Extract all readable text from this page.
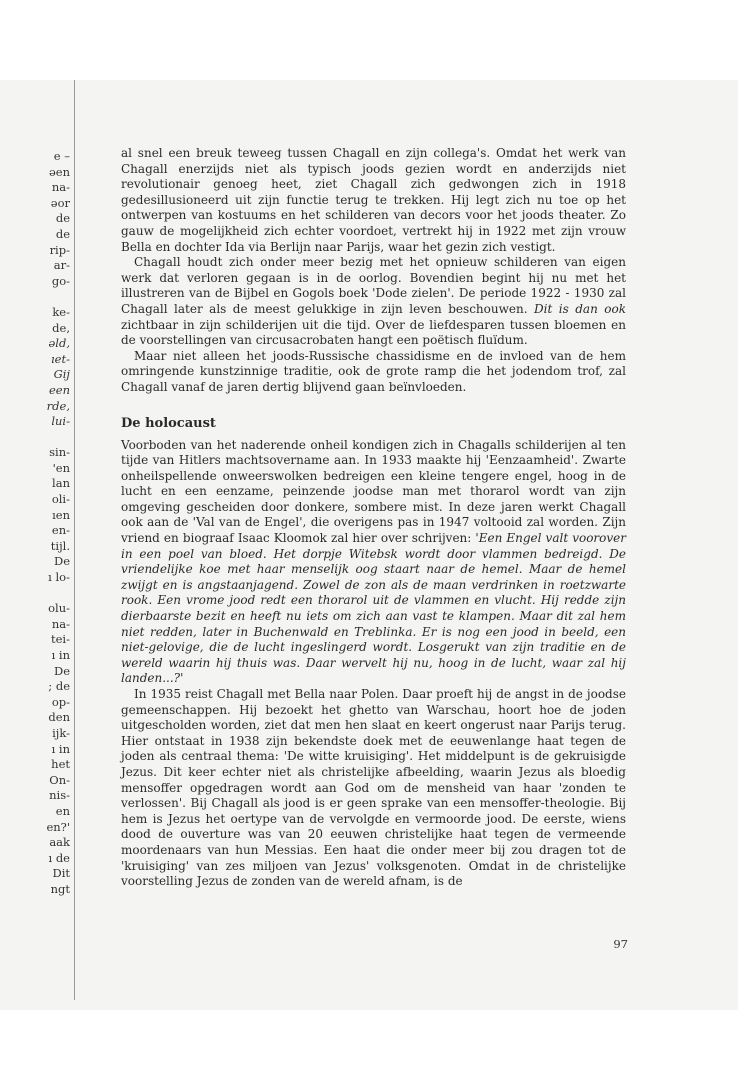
e –
əen
na-
əor
de
de
rip-
ar-
go-
ke-
de,
əld,
ıet-
Gij
een
rde,
lui-
sin-
'en
lan
oli-
ıen
en-
tijl.
De
ı lo-
olu-
na-
tei-
ı in
De
; de
op-
den
ijk-
ı in
het
On-
nis-
en
en?'
aak
ı de
Dit
ngt

al snel een breuk teweeg tussen Chagall en zijn collega's. Omdat het werk van Chagall enerzijds niet als typisch joods gezien wordt en anderzijds niet revolutionair genoeg heet, ziet Chagall zich gedwongen zich in 1918 gedesillusioneerd uit zijn functie terug te trekken. Hij legt zich nu toe op het ontwerpen van kostuums en het schilderen van decors voor het joods theater. Zo gauw de mogelijkheid zich echter voordoet, vertrekt hij in 1922 met zijn vrouw Bella en dochter Ida via Berlijn naar Parijs, waar het gezin zich vestigt.

Chagall houdt zich onder meer bezig met het opnieuw schilderen van eigen werk dat verloren gegaan is in de oorlog. Bovendien begint hij nu met het illustreren van de Bijbel en Gogols boek 'Dode zielen'. De periode 1922 - 1930 zal Chagall later als de meest gelukkige in zijn leven beschouwen. Dit is dan ook zichtbaar in zijn schilderijen uit die tijd. Over de liefdesparen tussen bloemen en de voorstellingen van circusacrobaten hangt een poëtisch fluïdum.

Maar niet alleen het joods-Russische chassidisme en de invloed van de hem omringende kunstzinnige traditie, ook de grote ramp die het jodendom trof, zal Chagall vanaf de jaren dertig blijvend gaan beïnvloeden.

De holocaust

Voorboden van het naderende onheil kondigen zich in Chagalls schilderijen al ten tijde van Hitlers machtsovername aan. In 1933 maakte hij 'Eenzaamheid'. Zwarte onheilspellende onweerswolken bedreigen een kleine tengere engel, hoog in de lucht en een eenzame, peinzende joodse man met thorarol wordt van zijn omgeving gescheiden door donkere, sombere mist. In deze jaren werkt Chagall ook aan de 'Val van de Engel', die overigens pas in 1947 voltooid zal worden. Zijn vriend en biograaf Isaac Kloomok zal hier over schrijven: 'Een Engel valt voorover in een poel van bloed. Het dorpje Witebsk wordt door vlammen bedreigd. De vriendelijke koe met haar menselijk oog staart naar de hemel. Maar de hemel zwijgt en is angstaanjagend. Zowel de zon als de maan verdrinken in roetzwarte rook. Een vrome jood redt een thorarol uit de vlammen en vlucht. Hij redde zijn dierbaarste bezit en heeft nu iets om zich aan vast te klampen. Maar dit zal hem niet redden, later in Buchenwald en Treblinka. Er is nog een jood in beeld, een niet-gelovige, die de lucht ingeslingerd wordt. Losgerukt van zijn traditie en de wereld waarin hij thuis was. Daar wervelt hij nu, hoog in de lucht, waar zal hij landen...?'

In 1935 reist Chagall met Bella naar Polen. Daar proeft hij de angst in de joodse gemeenschappen. Hij bezoekt het ghetto van Warschau, hoort hoe de joden uitgescholden worden, ziet dat men hen slaat en keert ongerust naar Parijs terug. Hier ontstaat in 1938 zijn bekendste doek met de eeuwenlange haat tegen de joden als centraal thema: 'De witte kruisiging'. Het middelpunt is de gekruisigde Jezus. Dit keer echter niet als christelijke afbeelding, waarin Jezus als bloedig mensoffer opgedragen wordt aan God om de mensheid van haar 'zonden te verlossen'. Bij Chagall als jood is er geen sprake van een mensoffer-theologie. Bij hem is Jezus het oertype van de vervolgde en vermoorde jood. De eerste, wiens dood de ouverture was van 20 eeuwen christelijke haat tegen de vermeende moordenaars van hun Messias. Een haat die onder meer bij zou dragen tot de 'kruisiging' van zes miljoen van Jezus' volksgenoten. Omdat in de christelijke voorstelling Jezus de zonden van de wereld afnam, is de

97
